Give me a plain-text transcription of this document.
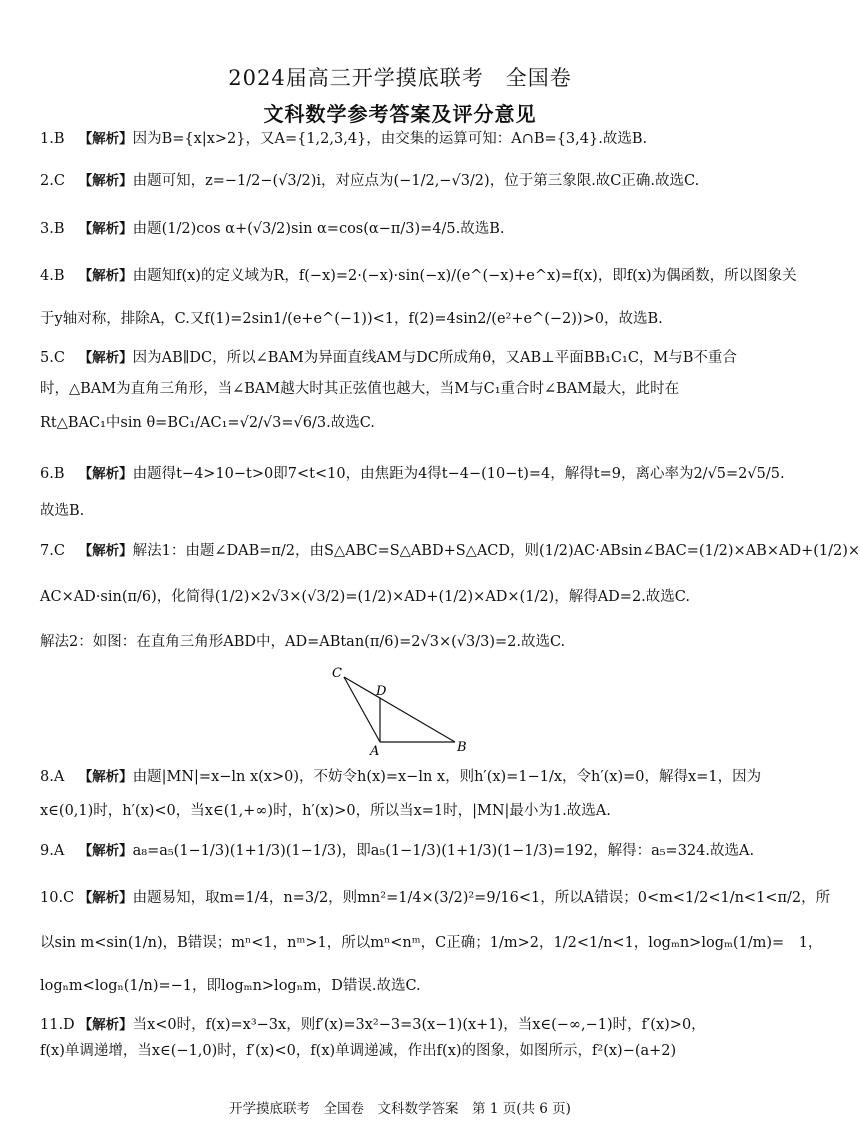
2024届高三开学摸底联考　全国卷
文科数学参考答案及评分意见
1.B 【解析】因为B={x|x>2}，又A={1,2,3,4}，由交集的运算可知：A∩B={3,4}.故选B.
2.C 【解析】由题可知，z=−1/2−(√3/2)i，对应点为(−1/2,−√3/2)，位于第三象限.故C正确.故选C.
3.B 【解析】由题(1/2)cos α+(√3/2)sin α=cos(α−π/3)=4/5.故选B.
4.B 【解析】由题知f(x)的定义域为R，f(−x)=2·(−x)·sin(−x)/(e^(−x)+e^x)=f(x)，即f(x)为偶函数，所以图象关
于y轴对称，排除A，C.又f(1)=2sin1/(e+e^(−1))<1，f(2)=4sin2/(e²+e^(−2))>0，故选B.
5.C 【解析】因为AB∥DC，所以∠BAM为异面直线AM与DC所成角θ，又AB⊥平面BB₁C₁C，M与B不重合
时，△BAM为直角三角形，当∠BAM越大时其正弦值也越大，当M与C₁重合时∠BAM最大，此时在
Rt△BAC₁中sin θ=BC₁/AC₁=√2/√3=√6/3.故选C.
6.B 【解析】由题得t−4>10−t>0即7<t<10，由焦距为4得t−4−(10−t)=4，解得t=9，离心率为2/√5=2√5/5.
故选B.
7.C 【解析】解法1：由题∠DAB=π/2，由S△ABC=S△ABD+S△ACD，则(1/2)AC·ABsin∠BAC=(1/2)×AB×AD+(1/2)×
AC×AD·sin(π/6)，化简得(1/2)×2√3×(√3/2)=(1/2)×AD+(1/2)×AD×(1/2)，解得AD=2.故选C.
解法2：如图：在直角三角形ABD中，AD=ABtan(π/6)=2√3×(√3/3)=2.故选C.
C
D
A	B
8.A 【解析】由题|MN|=x−ln x(x>0)，不妨令h(x)=x−ln x，则h′(x)=1−1/x，令h′(x)=0，解得x=1，因为
x∈(0,1)时，h′(x)<0，当x∈(1,+∞)时，h′(x)>0，所以当x=1时，|MN|最小为1.故选A.
9.A 【解析】a₈=a₅(1−1/3)(1+1/3)(1−1/3)，即a₅(1−1/3)(1+1/3)(1−1/3)=192，解得：a₅=324.故选A.
10.C 【解析】由题易知，取m=1/4，n=3/2，则mn²=1/4×(3/2)²=9/16<1，所以A错误；0<m<1/2<1/n<1<π/2，所
以sin m<sin(1/n)，B错误；mⁿ<1，nᵐ>1，所以mⁿ<nᵐ，C正确；1/m>2，1/2<1/n<1，logₘn>logₘ(1/m)=　1，
logₙm<logₙ(1/n)=−1，即logₘn>logₙm，D错误.故选C.
11.D 【解析】当x<0时，f(x)=x³−3x，则f′(x)=3x²−3=3(x−1)(x+1)，当x∈(−∞,−1)时，f′(x)>0，
f(x)单调递增，当x∈(−1,0)时，f′(x)<0，f(x)单调递减，作出f(x)的图象，如图所示，f²(x)−(a+2)
开学摸底联考　全国卷　文科数学答案　第 1 页(共 6 页)
